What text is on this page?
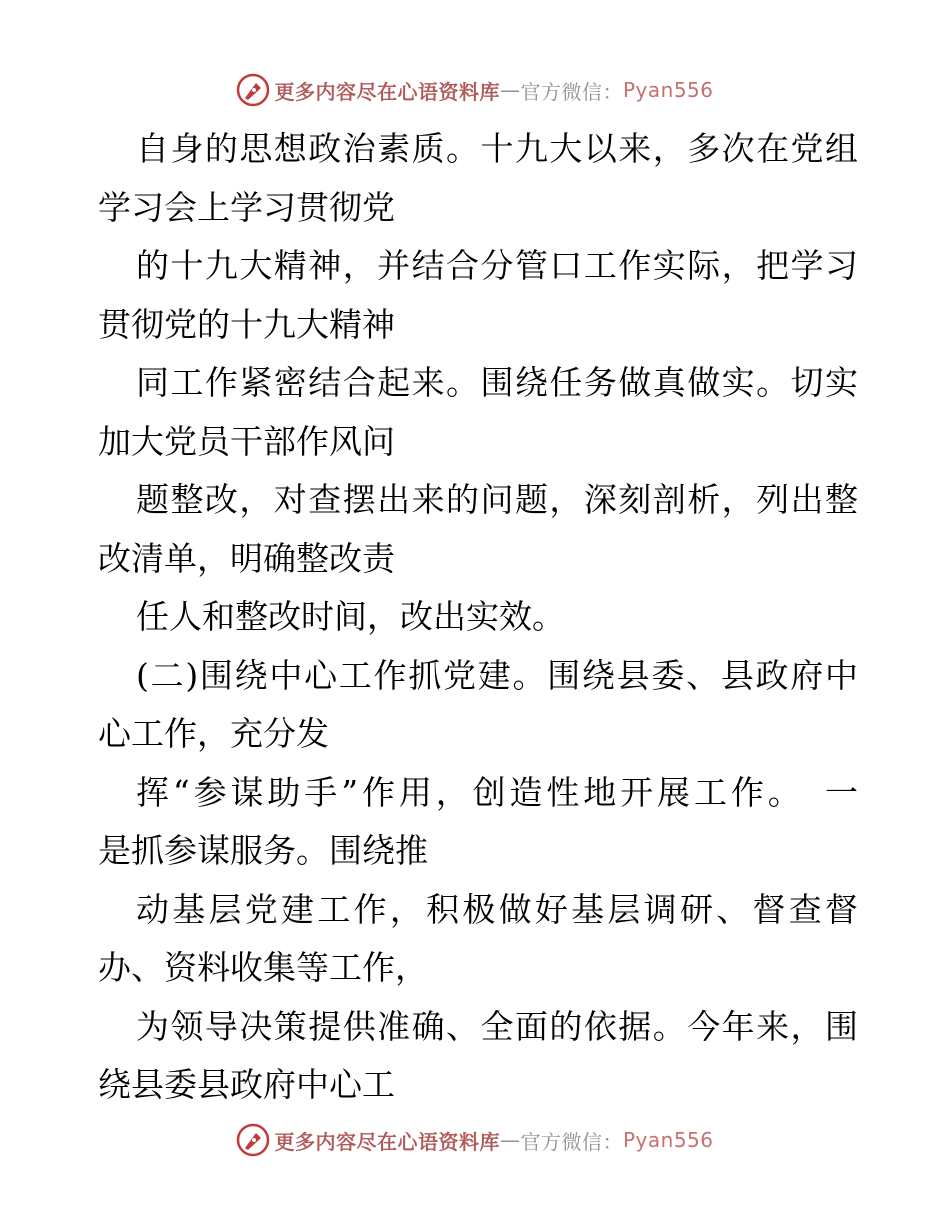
更多内容尽在心语资料库 — 官方微信： Pyan556
自身的思想政治素质。十九大以来，多次在党组
学习会上学习贯彻党
的十九大精神，并结合分管口工作实际，把学习
贯彻党的十九大精神
同工作紧密结合起来。围绕任务做真做实。切实
加大党员干部作风问
题整改，对查摆出来的问题，深刻剖析，列出整
改清单，明确整改责
任人和整改时间，改出实效。
(二)围绕中心工作抓党建。围绕县委、县政府中
心工作，充分发
挥“参谋助手”作用，创造性地开展工作。　一
是抓参谋服务。围绕推
动基层党建工作，积极做好基层调研、督查督
办、资料收集等工作，
为领导决策提供准确、全面的依据。今年来，围
绕县委县政府中心工
更多内容尽在心语资料库 — 官方微信： Pyan556
